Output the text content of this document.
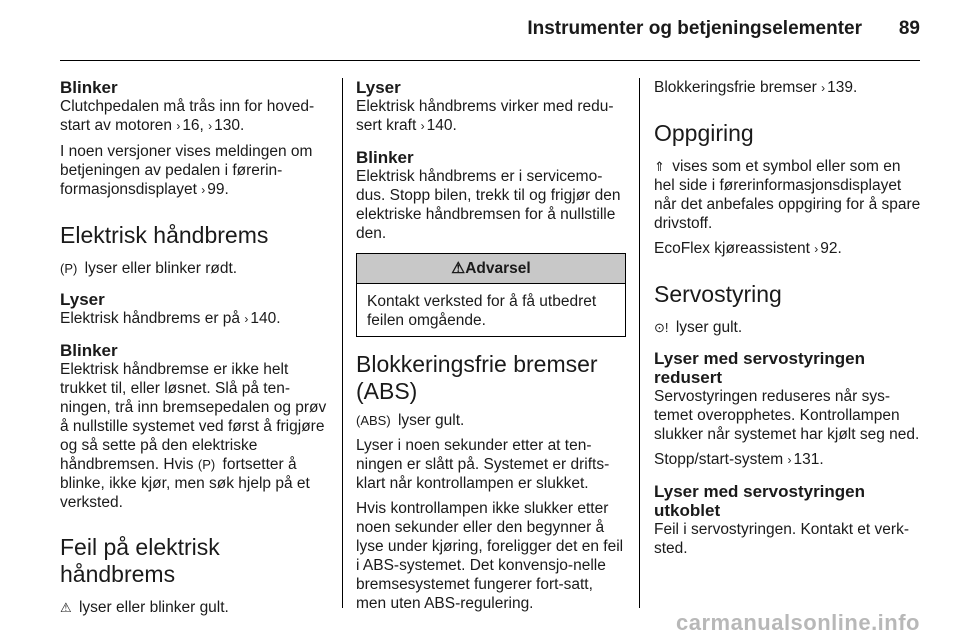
Instrumenter og betjeningselementer 89
Blinker

Clutchpedalen må trås inn for hoved-start av motoren › 16, › 130.

I noen versjoner vises meldingen om betjeningen av pedalen i førerin-formasjonsdisplayet › 99.

Elektrisk håndbrems

(P) lyser eller blinker rødt.

Lyser

Elektrisk håndbrems er på › 140.

Blinker

Elektrisk håndbremse er ikke helt trukket til, eller løsnet. Slå på ten-ningen, trå inn bremsepedalen og prøv å nullstille systemet ved først å frigjøre og så sette på den elektriske håndbremsen. Hvis (P) fortsetter å blinke, ikke kjør, men søk hjelp på et verksted.

Feil på elektrisk håndbrems

⚠ lyser eller blinker gult.

Lyser

Elektrisk håndbrems virker med redu-sert kraft › 140.

Blinker

Elektrisk håndbrems er i servicemo-dus. Stopp bilen, trekk til og frigjør den elektriske håndbremsen for å nullstille den.

⚠Advarsel
Kontakt verksted for å få utbedret feilen omgående.
Blokkeringsfrie bremser (ABS)

(ABS) lyser gult.

Lyser i noen sekunder etter at ten-ningen er slått på. Systemet er drifts-klart når kontrollampen er slukket.

Hvis kontrollampen ikke slukker etter noen sekunder eller den begynner å lyse under kjøring, foreligger det en feil i ABS-systemet. Det konvensjo-nelle bremsesystemet fungerer fort-satt, men uten ABS-regulering.

Blokkeringsfrie bremser › 139.

Oppgiring

⇑ vises som et symbol eller som en hel side i førerinformasjonsdisplayet når det anbefales oppgiring for å spare drivstoff.

EcoFlex kjøreassistent › 92.

Servostyring

⊙! lyser gult.

Lyser med servostyringen redusert

Servostyringen reduseres når sys-temet overopphetes. Kontrollampen slukker når systemet har kjølt seg ned.

Stopp/start-system › 131.

Lyser med servostyringen utkoblet

Feil i servostyringen. Kontakt et verk-sted.

carmanualsonline.info
